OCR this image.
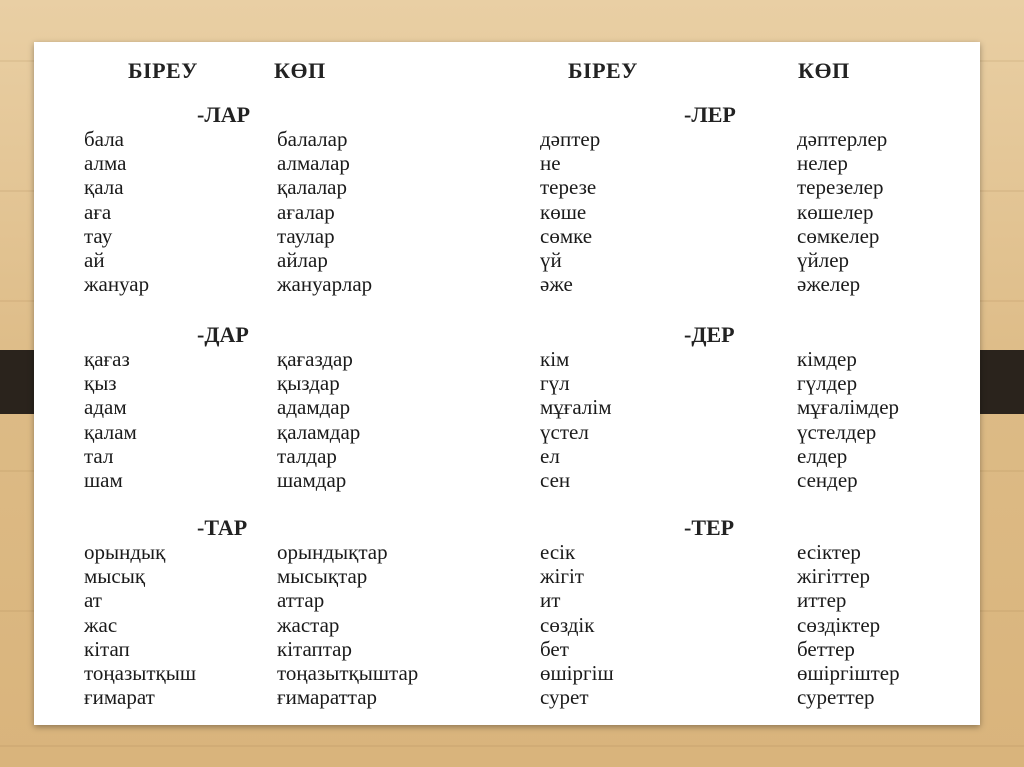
БІРЕУ	КӨП	БІРЕУ	КӨП
-ЛАР
бала	балалар
алма	алмалар
қала	қалалар
аға	ағалар
тау	таулар
ай	айлар
жануар	жануарлар
-ЛЕР
дәптер	дәптерлер
не	нелер
терезе	терезелер
көше	көшелер
сөмке	сөмкелер
үй	үйлер
әже	әжелер
-ДАР
қағаз	қағаздар
қыз	қыздар
адам	адамдар
қалам	қаламдар
тал	талдар
шам	шамдар
-ДЕР
кім	кімдер
гүл	гүлдер
мұғалім	мұғалімдер
үстел	үстелдер
ел	елдер
сен	сендер
-ТАР
орындық	орындықтар
мысық	мысықтар
ат	аттар
жас	жастар
кітап	кітаптар
тоңазытқыш	тоңазытқыштар
ғимарат	ғимараттар
-ТЕР
есік	есіктер
жігіт	жігіттер
ит	иттер
сөздік	сөздіктер
бет	беттер
өшіргіш	өшіргіштер
сурет	суреттер
